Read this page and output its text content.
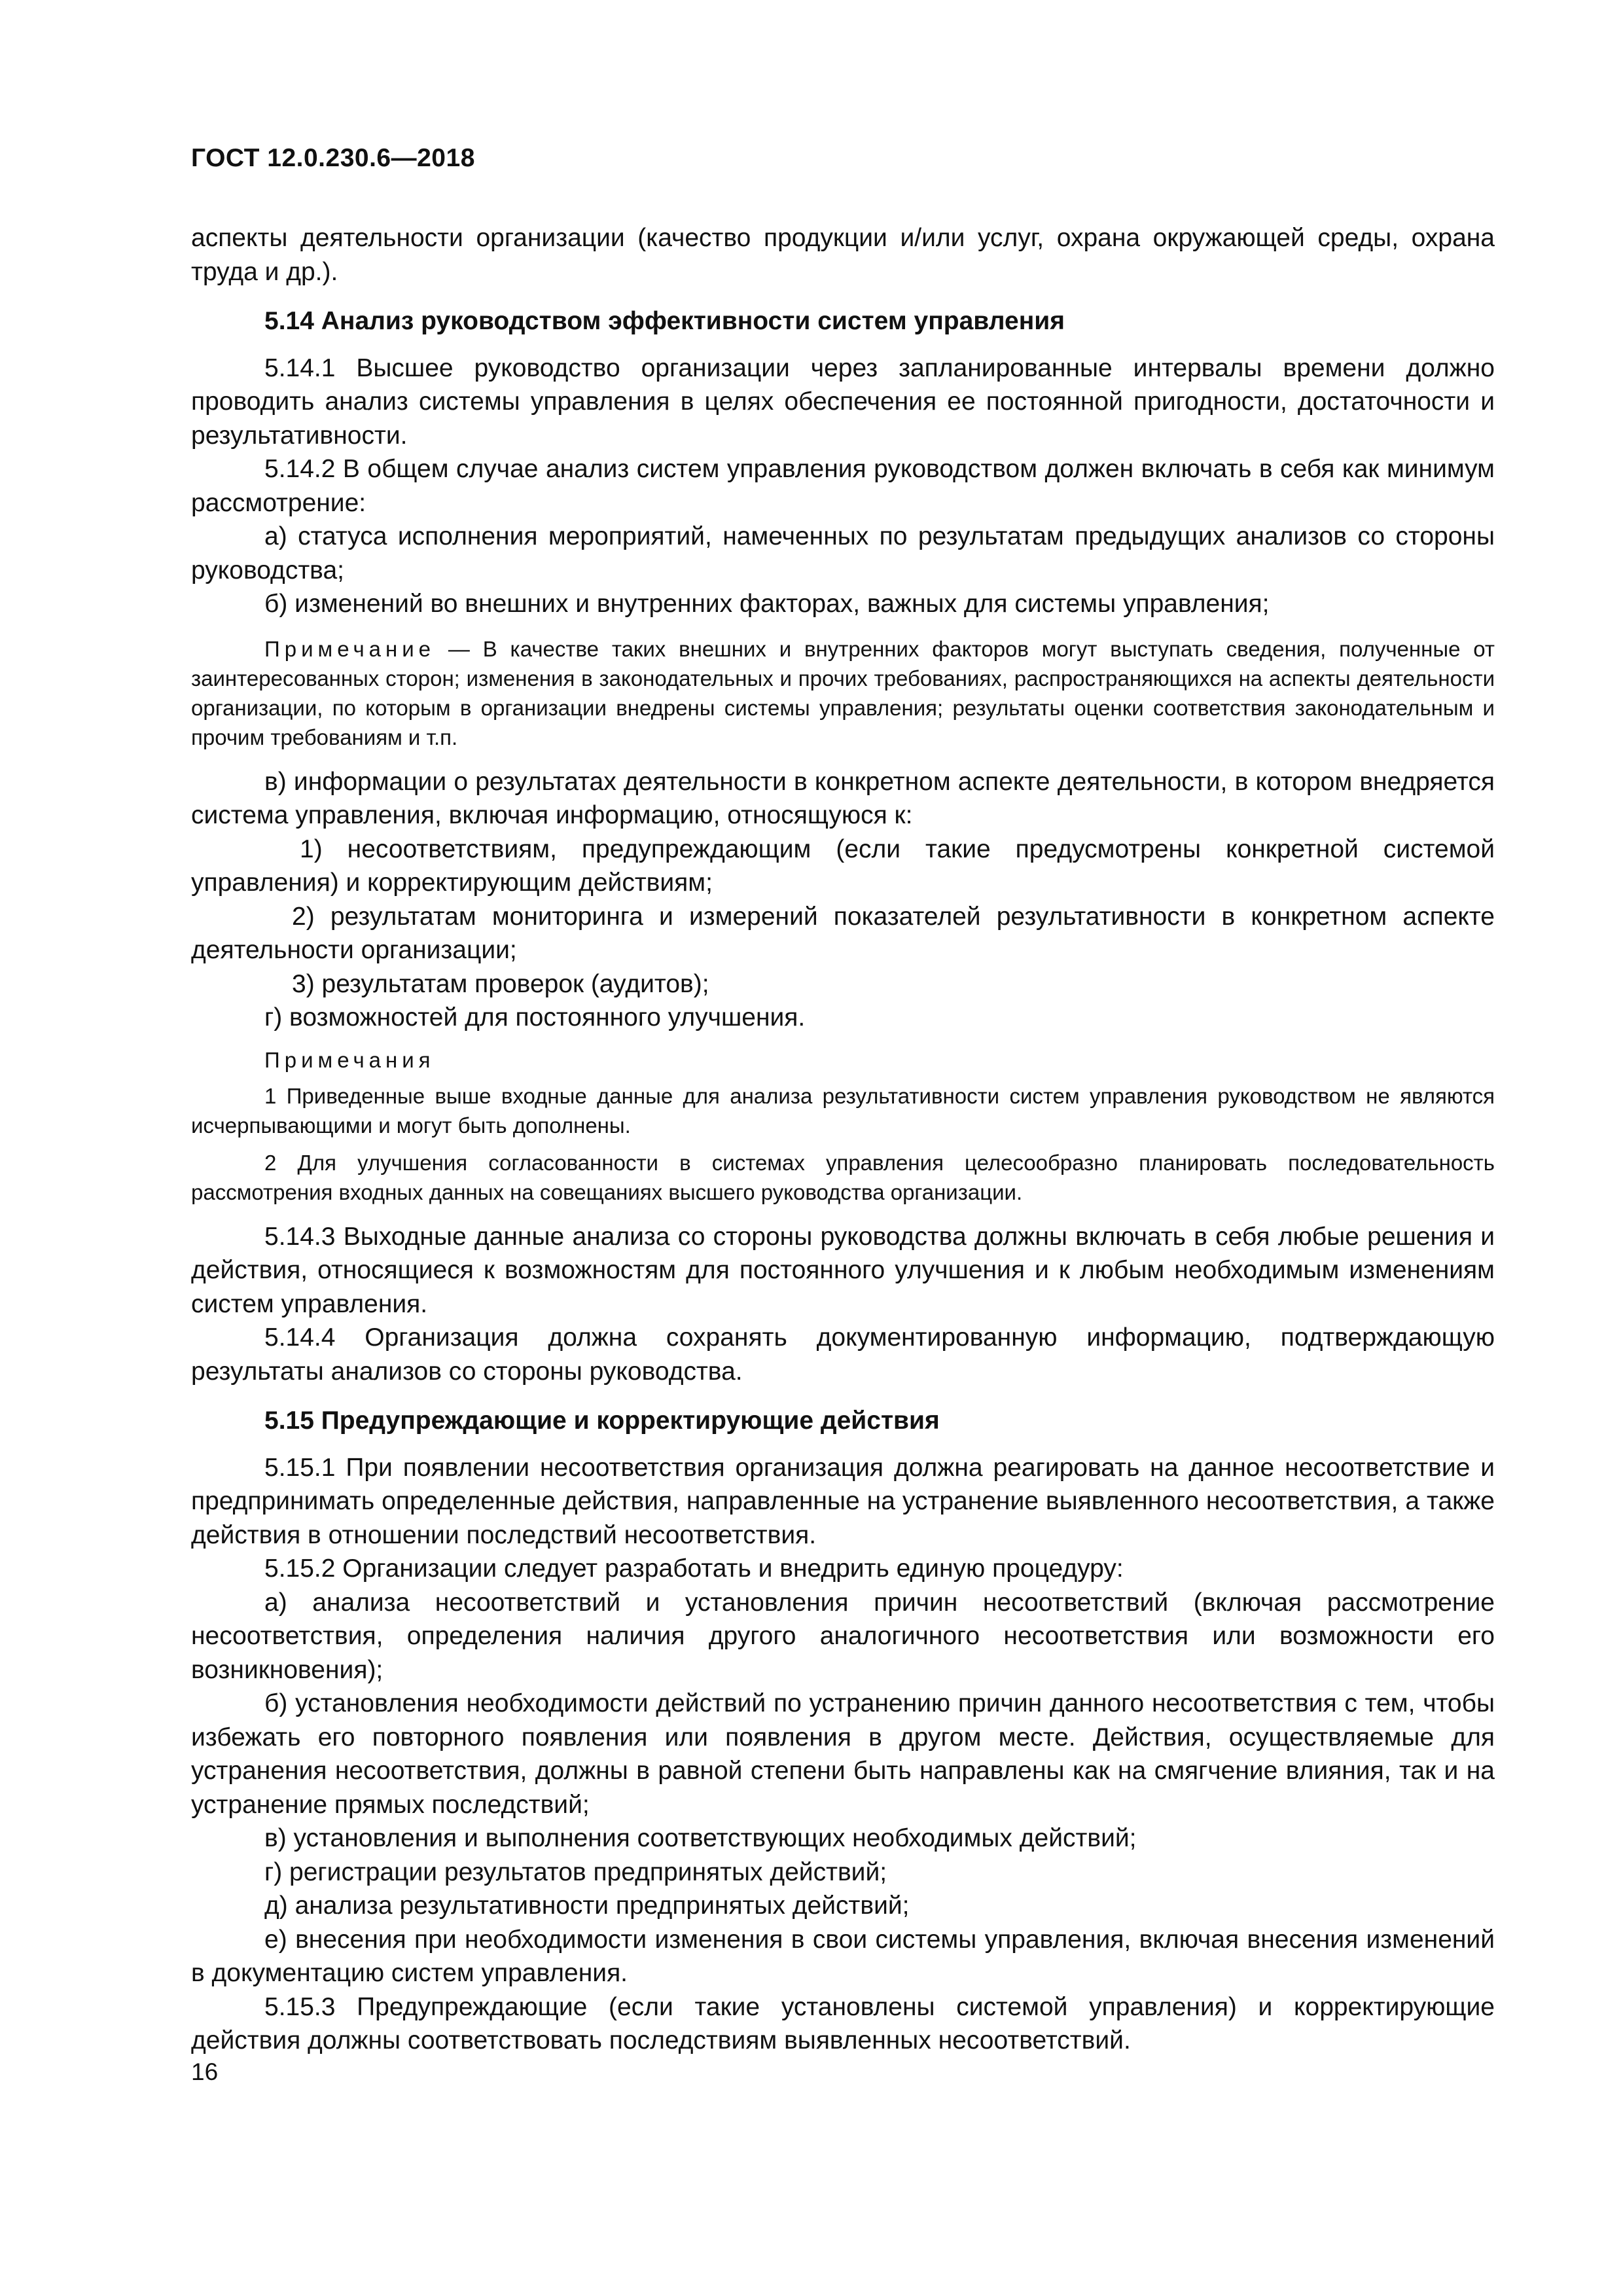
ГОСТ 12.0.230.6—2018

аспекты деятельности организации (качество продукции и/или услуг, охрана окружающей среды, охрана труда и др.).

5.14 Анализ руководством эффективности систем управления

5.14.1 Высшее руководство организации через запланированные интервалы времени должно проводить анализ системы управления в целях обеспечения ее постоянной пригодности, достаточности и результативности.

5.14.2 В общем случае анализ систем управления руководством должен включать в себя как минимум рассмотрение:

а) статуса исполнения мероприятий, намеченных по результатам предыдущих анализов со стороны руководства;

б) изменений во внешних и внутренних факторах, важных для системы управления;

Примечание — В качестве таких внешних и внутренних факторов могут выступать сведения, полученные от заинтересованных сторон; изменения в законодательных и прочих требованиях, распространяющихся на аспекты деятельности организации, по которым в организации внедрены системы управления; результаты оценки соответствия законодательным и прочим требованиям и т.п.

в) информации о результатах деятельности в конкретном аспекте деятельности, в котором внедряется система управления, включая информацию, относящуюся к:

1) несоответствиям, предупреждающим (если такие предусмотрены конкретной системой управления) и корректирующим действиям;

2) результатам мониторинга и измерений показателей результативности в конкретном аспекте деятельности организации;

3) результатам проверок (аудитов);

г) возможностей для постоянного улучшения.

Примечания

1 Приведенные выше входные данные для анализа результативности систем управления руководством не являются исчерпывающими и могут быть дополнены.

2 Для улучшения согласованности в системах управления целесообразно планировать последовательность рассмотрения входных данных на совещаниях высшего руководства организации.

5.14.3 Выходные данные анализа со стороны руководства должны включать в себя любые решения и действия, относящиеся к возможностям для постоянного улучшения и к любым необходимым изменениям систем управления.

5.14.4 Организация должна сохранять документированную информацию, подтверждающую результаты анализов со стороны руководства.

5.15 Предупреждающие и корректирующие действия

5.15.1 При появлении несоответствия организация должна реагировать на данное несоответствие и предпринимать определенные действия, направленные на устранение выявленного несоответствия, а также действия в отношении последствий несоответствия.

5.15.2 Организации следует разработать и внедрить единую процедуру:

а) анализа несоответствий и установления причин несоответствий (включая рассмотрение несоответствия, определения наличия другого аналогичного несоответствия или возможности его возникновения);

б) установления необходимости действий по устранению причин данного несоответствия с тем, чтобы избежать его повторного появления или появления в другом месте. Действия, осуществляемые для устранения несоответствия, должны в равной степени быть направлены как на смягчение влияния, так и на устранение прямых последствий;

в) установления и выполнения соответствующих необходимых действий;

г) регистрации результатов предпринятых действий;

д) анализа результативности предпринятых действий;

е) внесения при необходимости изменения в свои системы управления, включая внесения изменений в документацию систем управления.

5.15.3 Предупреждающие (если такие установлены системой управления) и корректирующие действия должны соответствовать последствиям выявленных несоответствий.

16
